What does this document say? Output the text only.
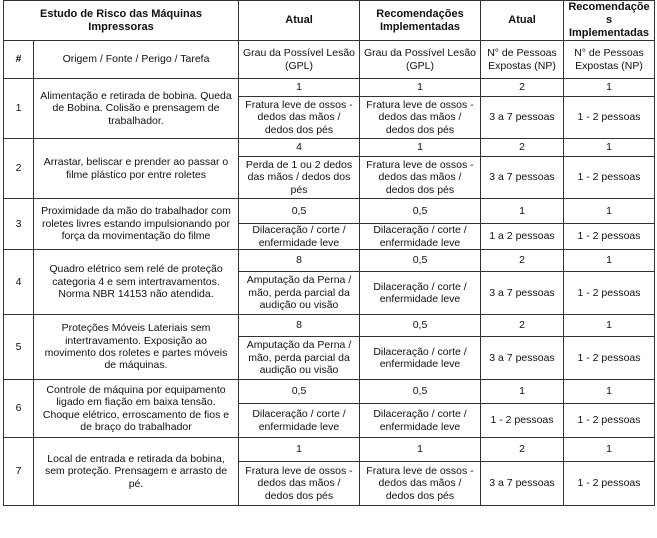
Estudo de Risco das Máquinas Impressoras		Atual	Recomendações Implementadas	Atual	Recomendações Implementadas
#	Origem / Fonte / Perigo / Tarefa	Grau da Possível Lesão (GPL)	Grau da Possível Lesão (GPL)	N° de Pessoas Expostas (NP)	N° de Pessoas Expostas (NP)
1	Alimentação e retirada de bobina. Queda de Bobina. Colisão e prensagem de trabalhador.	1	1	2	1
		Fratura leve de ossos - dedos das mãos / dedos dos pés	Fratura leve de ossos - dedos das mãos / dedos dos pés	3 a 7 pessoas	1 - 2 pessoas
2	Arrastar, beliscar e prender ao passar o filme plástico por entre roletes	4	1	2	1
		Perda de 1 ou 2 dedos das mãos / dedos dos pés	Fratura leve de ossos - dedos das mãos / dedos dos pés	3 a 7 pessoas	1 - 2 pessoas
3	Proximidade da mão do trabalhador com roletes livres estando impulsionando por força da movimentação do filme	0,5	0,5	1	1
		Dilaceração / corte / enfermidade leve	Dilaceração / corte / enfermidade leve	1 a 2 pessoas	1 - 2 pessoas
4	Quadro elétrico sem relé de proteção categoria 4 e sem intertravamentos. Norma NBR 14153 não atendida.	8	0,5	2	1
		Amputação da Perna / mão, perda parcial da audição ou visão	Dilaceração / corte / enfermidade leve	3 a 7 pessoas	1 - 2 pessoas
5	Proteções Móveis Lateriais sem intertravamento. Exposição ao movimento dos roletes e partes móveis de máquinas.	8	0,5	2	1
		Amputação da Perna / mão, perda parcial da audição ou visão	Dilaceração / corte / enfermidade leve	3 a 7 pessoas	1 - 2 pessoas
6	Controle de máquina por equipamento ligado em fiação em baixa tensão. Choque elétrico, erroscamento de fios e de braço do trabalhador	0,5	0,5	1	1
		Dilaceração / corte / enfermidade leve	Dilaceração / corte / enfermidade leve	1 - 2 pessoas	1 - 2 pessoas
7	Local de entrada e retirada da bobina, sem proteção. Prensagem e arrasto de pé.	1	1	2	1
		Fratura leve de ossos - dedos das mãos / dedos dos pés	Fratura leve de ossos - dedos das mãos / dedos dos pés	3 a 7 pessoas	1 - 2 pessoas
